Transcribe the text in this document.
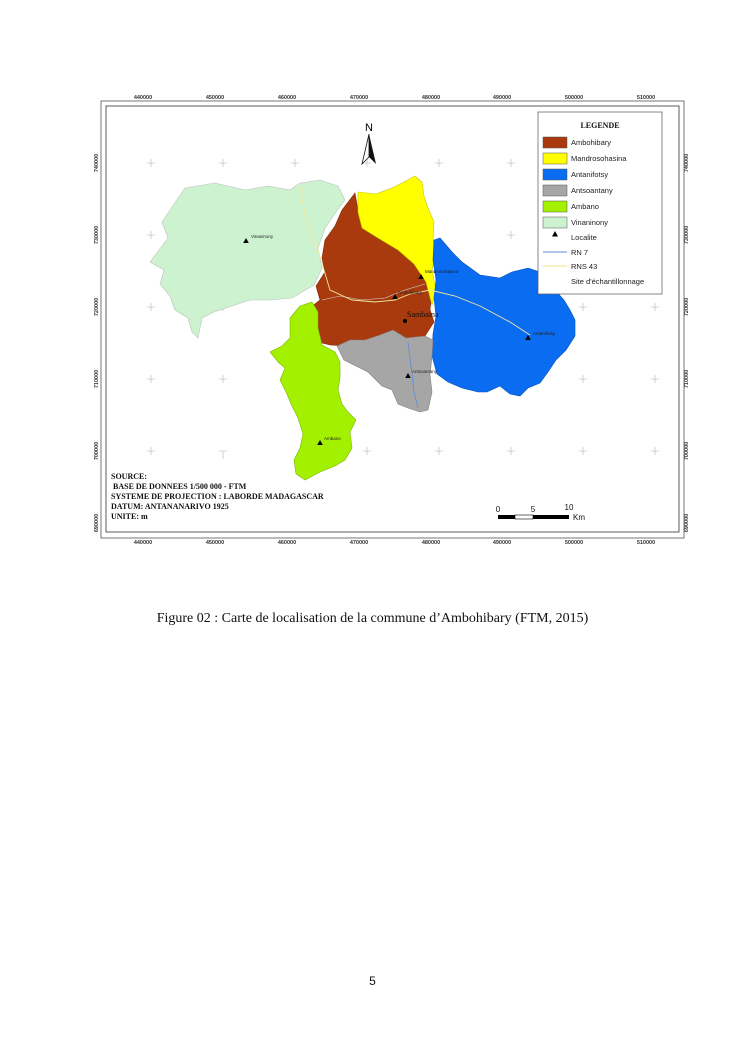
440000	450000	460000	470000	480000	490000	500000	510000
440000	450000	460000	470000	480000	490000	500000	510000
740000
730000
720000
710000
700000
690000
740000
730000
720000
710000
700000
690000
Vinaninony
Mandrosohasina
Ambohibary
Sambaina
Antanifotsy
Antsoantany
Ambano
N	LEGENDE
Ambohibary
Mandrosohasina
Antanifotsy
Antsoantany
Ambano
Vinaninony
Localite
RN 7
RNS 43
Site d'échantillonnage
SOURCE:
BASE DE DONNEES 1/500 000 - FTM
SYSTEME DE PROJECTION : LABORDE MADAGASCAR
DATUM: ANTANANARIVO 1925
UNITE: m
0	5	10
Km
Figure 02 : Carte de localisation de la commune d’Ambohibary (FTM, 2015)
5
